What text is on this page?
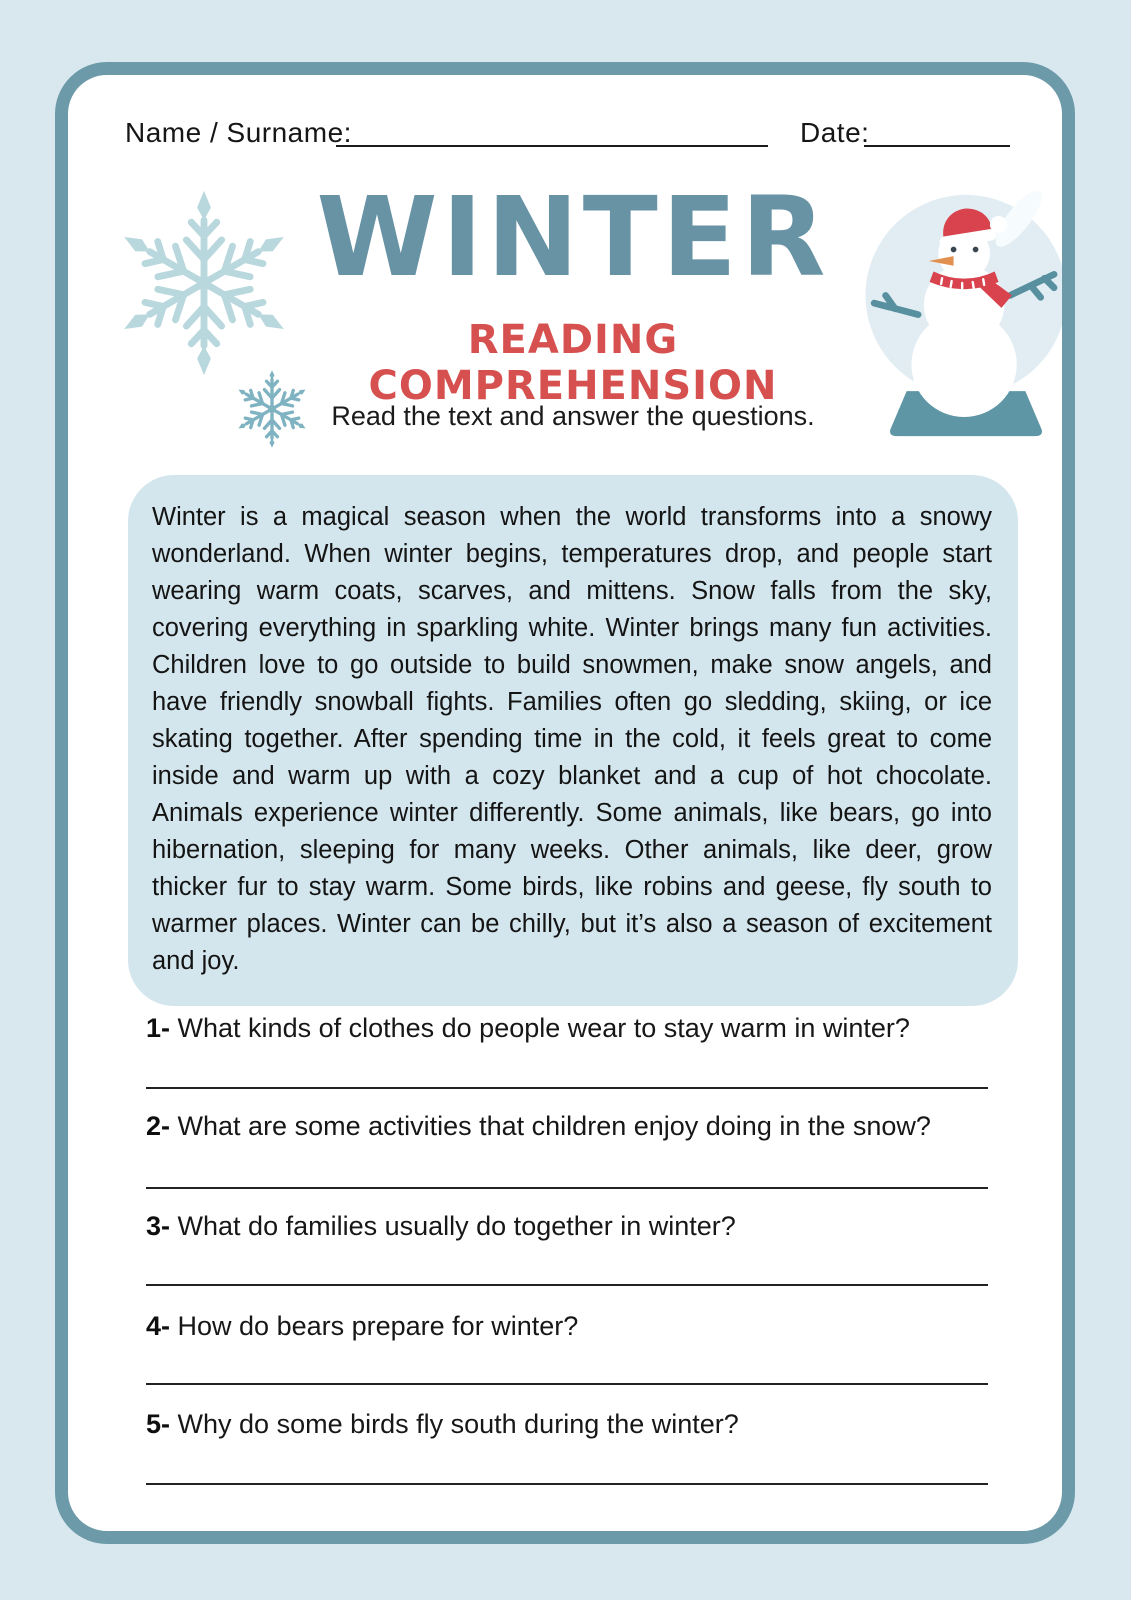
Name / Surname:	Date:
WINTER
READING COMPREHENSION
Read the text and answer the questions.
Winter is a magical season when the world transforms into a snowy wonderland. When winter begins, temperatures drop, and people start wearing warm coats, scarves, and mittens. Snow falls from the sky, covering everything in sparkling white. Winter brings many fun activities. Children love to go outside to build snowmen, make snow angels, and have friendly snowball fights. Families often go sledding, skiing, or ice skating together. After spending time in the cold, it feels great to come inside and warm up with a cozy blanket and a cup of hot chocolate. Animals experience winter differently. Some animals, like bears, go into hibernation, sleeping for many weeks. Other animals, like deer, grow thicker fur to stay warm. Some birds, like robins and geese, fly south to warmer places. Winter can be chilly, but it’s also a season of excitement and joy.
1- What kinds of clothes do people wear to stay warm in winter?
2- What are some activities that children enjoy doing in the snow?
3- What do families usually do together in winter?
4- How do bears prepare for winter?
5- Why do some birds fly south during the winter?
